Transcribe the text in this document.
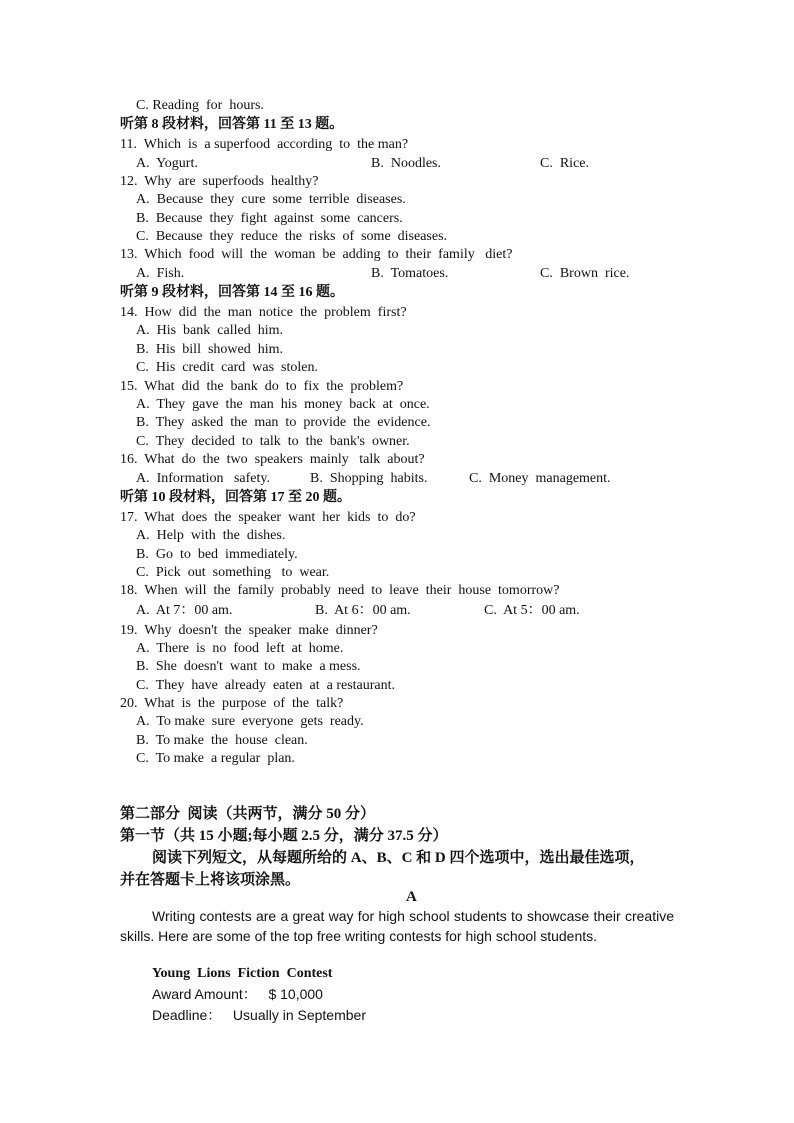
C. Reading  for  hours.
听第 8 段材料，回答第 11 至 13 题。
11.  Which  is  a superfood  according  to  the man?
A.  Yogurt.	B.  Noodles.	C.  Rice.
12.  Why  are  superfoods  healthy?
A.  Because  they  cure  some  terrible  diseases.
B.  Because  they  fight  against  some  cancers.
C.  Because  they  reduce  the  risks  of  some  diseases.
13.  Which  food  will  the  woman  be  adding  to  their  family   diet?
A.  Fish.	B.  Tomatoes.	C.  Brown  rice.
听第 9 段材料，回答第 14 至 16 题。
14.  How  did  the  man  notice  the  problem  first?
A.  His  bank  called  him.
B.  His  bill  showed  him.
C.  His  credit  card  was  stolen.
15.  What  did  the  bank  do  to  fix  the  problem?
A.  They  gave  the  man  his  money  back  at  once.
B.  They  asked  the  man  to  provide  the  evidence.
C.  They  decided  to  talk  to  the  bank's  owner.
16.  What  do  the  two  speakers  mainly   talk  about?
A.  Information   safety.	B.  Shopping  habits.	C.  Money  management.
听第 10 段材料，回答第 17 至 20 题。
17.  What  does  the  speaker  want  her  kids  to  do?
A.  Help  with  the  dishes.
B.  Go  to  bed  immediately.
C.  Pick  out  something   to  wear.
18.  When  will  the  family  probably  need  to  leave  their  house  tomorrow?
A.  At 7：00 am.	B.  At 6：00 am.	C.  At 5：00 am.
19.  Why  doesn't  the  speaker  make  dinner?
A.  There  is  no  food  left  at  home.
B.  She  doesn't  want  to  make  a mess.
C.  They  have  already  eaten  at  a restaurant.
20.  What  is  the  purpose  of  the  talk?
A.  To make  sure  everyone  gets  ready.
B.  To make  the  house  clean.
C.  To make  a regular  plan.
第二部分  阅读（共两节，满分 50 分）
第一节（共 15 小题;每小题 2.5 分，满分 37.5 分）
阅读下列短文，从每题所给的 A、B、C 和 D 四个选项中，选出最佳选项，
并在答题卡上将该项涂黑。
A
Writing contests are a great way for high school students to showcase their creative skills. Here are some of the top free writing contests for high school students.
Young  Lions  Fiction  Contest
Award Amount：   $ 10,000
Deadline：   Usually in September
